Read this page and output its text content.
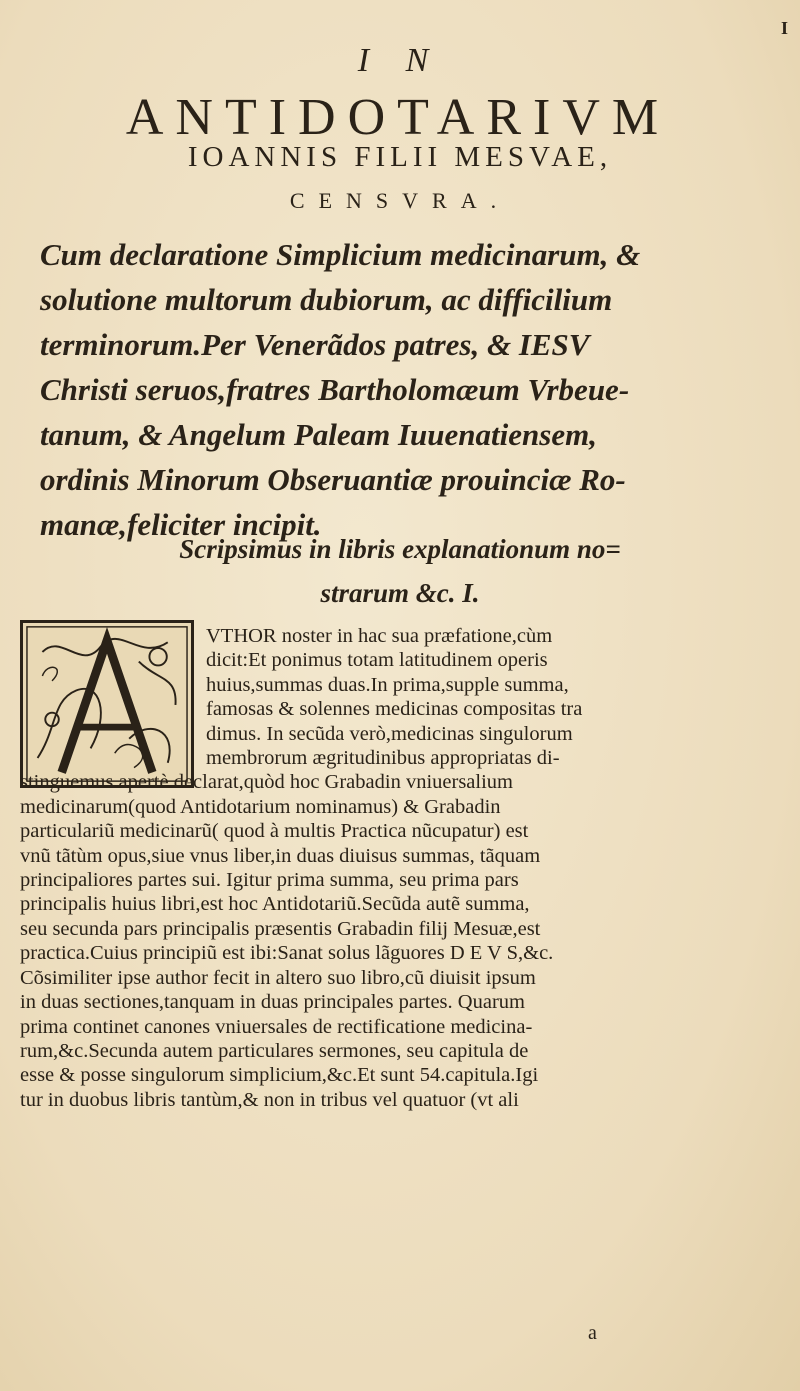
I
I N
ANTIDOTARIVM
IOANNIS FILII MESVAE,
CENSVRA.
Cum declaratione Simplicium medicinarum, &
solutione multorum dubiorum, ac difficilium
terminorum.Per Venerãdos patres, & IESV
Christi seruos,fratres Bartholomæum Vrbeue-
tanum, & Angelum Paleam Iuuenatiensem,
ordinis Minorum Obseruantiæ prouinciæ Ro-
manæ,feliciter incipit.
Scripsimus in libris explanationum no=
strarum &c. I.
VTHOR noster in hac sua præfatione,cùm
dicit:Et ponimus totam latitudinem operis
huius,summas duas.In prima,supple summa,
famosas & solennes medicinas compositas tra
dimus. In secũda verò,medicinas singulorum
membrorum ægritudinibus appropriatas di-
stinguemus.apertè declarat,quòd hoc Grabadin vniuersalium
medicinarum(quod Antidotarium nominamus) & Grabadin
particulariũ medicinarũ( quod à multis Practica nũcupatur) est
vnũ tãtùm opus,siue vnus liber,in duas diuisus summas, tãquam
principaliores partes sui. Igitur prima summa, seu prima pars
principalis huius libri,est hoc Antidotariũ.Secũda autẽ summa,
seu secunda pars principalis præsentis Grabadin filij Mesuæ,est
practica.Cuius principiũ est ibi:Sanat solus lãguores D E V S,&c.
Cõsimiliter ipse author fecit in altero suo libro,cũ diuisit ipsum
in duas sectiones,tanquam in duas principales partes. Quarum
prima continet canones vniuersales de rectificatione medicina-
rum,&c.Secunda autem particulares sermones, seu capitula de
esse & posse singulorum simplicium,&c.Et sunt 54.capitula.Igi
tur in duobus libris tantùm,& non in tribus vel quatuor (vt ali
a
